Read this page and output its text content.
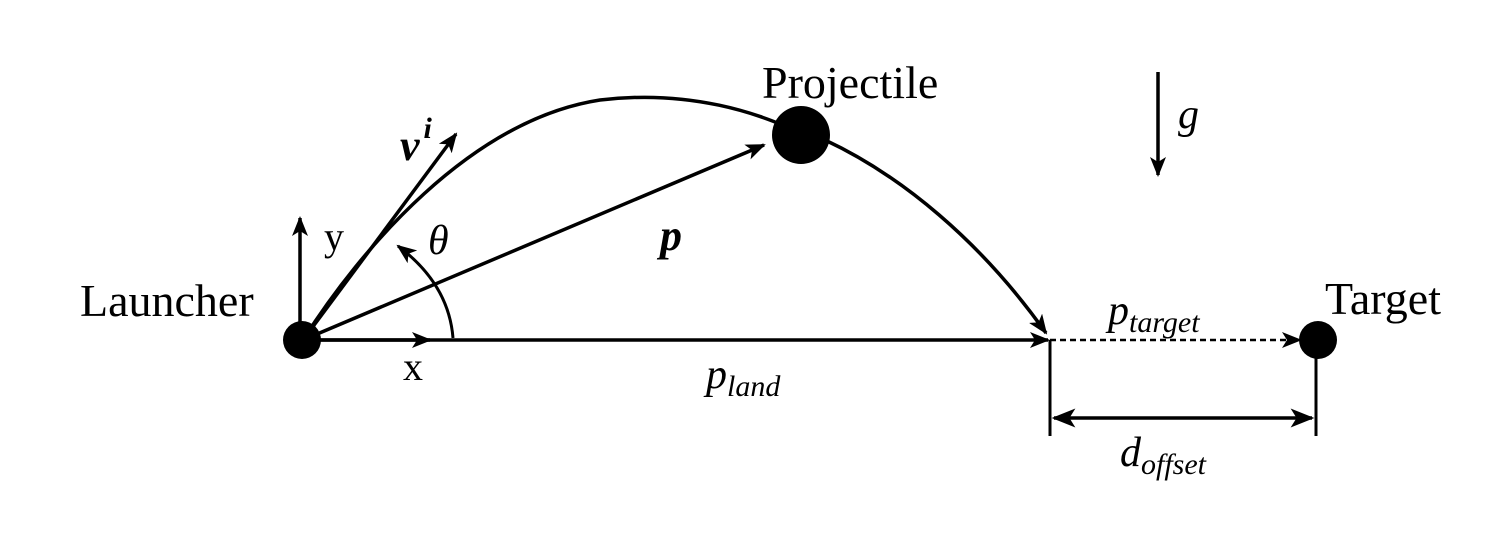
Launcher
Projectile
Target
g
x
y θ	p
v $^i$
pland
ptarget
doffset
